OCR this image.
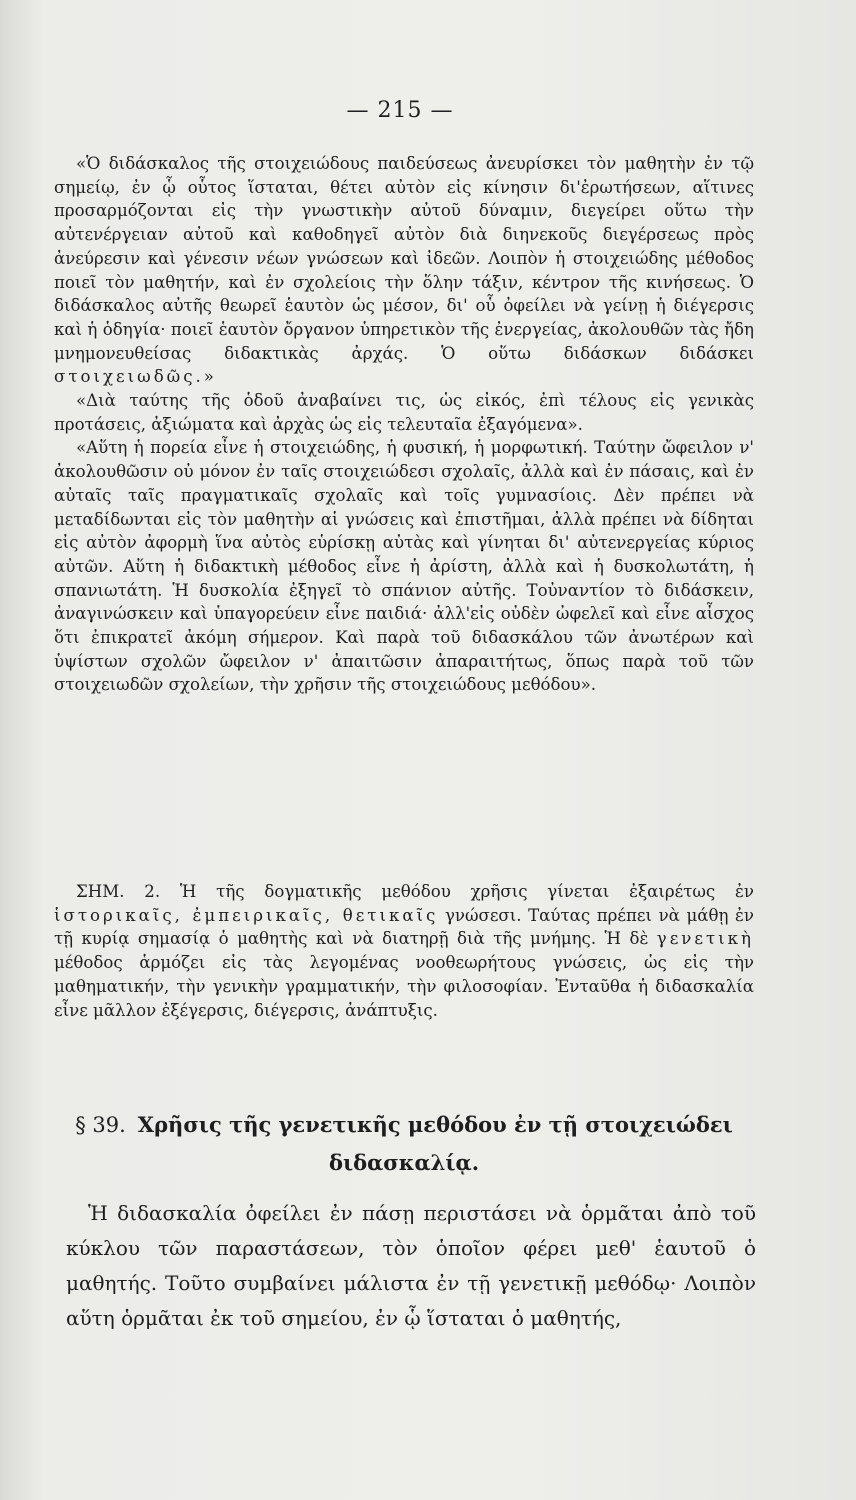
— 215 —

«Ὁ διδάσκαλος τῆς στοιχειώδους παιδεύσεως ἀνευρίσκει τὸν μαθητὴν ἐν τῷ σημείῳ, ἐν ᾧ οὗτος ἵσταται, θέτει αὐτὸν εἰς κίνησιν δι'ἐρωτήσεων, αἵτινες προσαρμόζονται εἰς τὴν γνωστικὴν αὐτοῦ δύναμιν, διεγείρει οὕτω τὴν αὐτενέργειαν αὐτοῦ καὶ καθοδηγεῖ αὐτὸν διὰ διηνεκοῦς διεγέρσεως πρὸς ἀνεύρεσιν καὶ γένεσιν νέων γνώσεων καὶ ἰδεῶν. Λοιπὸν ἡ στοιχειώδης μέθοδος ποιεῖ τὸν μαθητήν, καὶ ἐν σχολείοις τὴν ὅλην τάξιν, κέντρον τῆς κινήσεως. Ὁ διδάσκαλος αὐτῆς θεωρεῖ ἑαυτὸν ὡς μέσον, δι' οὗ ὀφείλει νὰ γείνῃ ἡ διέγερσις καὶ ἡ ὁδηγία· ποιεῖ ἑαυτὸν ὄργανον ὑπηρετικὸν τῆς ἐνεργείας, ἀκολουθῶν τὰς ἤδη μνημονευθείσας διδακτικὰς ἀρχάς. Ὁ οὕτω διδάσκων διδάσκει στοιχειωδῶς.»

«Διὰ ταύτης τῆς ὁδοῦ ἀναβαίνει τις, ὡς εἰκός, ἐπὶ τέλους εἰς γενικὰς προτάσεις, ἀξιώματα καὶ ἀρχὰς ὡς εἰς τελευταῖα ἐξαγόμενα».

«Αὕτη ἡ πορεία εἶνε ἡ στοιχειώδης, ἡ φυσική, ἡ μορφωτική. Ταύτην ὤφειλον ν' ἀκολουθῶσιν οὐ μόνον ἐν ταῖς στοιχειώδεσι σχολαῖς, ἀλλὰ καὶ ἐν πάσαις, καὶ ἐν αὐταῖς ταῖς πραγματικαῖς σχολαῖς καὶ τοῖς γυμνασίοις. Δὲν πρέπει νὰ μεταδίδωνται εἰς τὸν μαθητὴν αἱ γνώσεις καὶ ἐπιστῆμαι, ἀλλὰ πρέπει νὰ δίδηται εἰς αὐτὸν ἀφορμὴ ἵνα αὐτὸς εὑρίσκῃ αὐτὰς καὶ γίνηται δι' αὐτενεργείας κύριος αὐτῶν. Αὕτη ἡ διδακτικὴ μέθοδος εἶνε ἡ ἀρίστη, ἀλλὰ καὶ ἡ δυσκολωτάτη, ἡ σπανιωτάτη. Ἡ δυσκολία ἐξηγεῖ τὸ σπάνιον αὐτῆς. Τοὐναντίον τὸ διδάσκειν, ἀναγινώσκειν καὶ ὑπαγορεύειν εἶνε παιδιά· ἀλλ'εἰς οὐδὲν ὠφελεῖ καὶ εἶνε αἶσχος ὅτι ἐπικρατεῖ ἀκόμη σήμερον. Καὶ παρὰ τοῦ διδασκάλου τῶν ἀνωτέρων καὶ ὑψίστων σχολῶν ὤφειλον ν' ἀπαιτῶσιν ἀπαραιτήτως, ὅπως παρὰ τοῦ τῶν στοιχειωδῶν σχολείων, τὴν χρῆσιν τῆς στοιχειώδους μεθόδου».

ΣΗΜ. 2. Ἡ τῆς δογματικῆς μεθόδου χρῆσις γίνεται ἐξαιρέτως ἐν ἱστορικαῖς, ἐμπειρικαῖς, θετικαῖς γνώσεσι. Ταύτας πρέπει νὰ μάθῃ ἐν τῇ κυρίᾳ σημασίᾳ ὁ μαθητὴς καὶ νὰ διατηρῇ διὰ τῆς μνήμης. Ἡ δὲ γενετικὴ μέθοδος ἁρμόζει εἰς τὰς λεγομένας νοοθεωρήτους γνώσεις, ὡς εἰς τὴν μαθηματικήν, τὴν γενικὴν γραμματικήν, τὴν φιλοσοφίαν. Ἐνταῦθα ἡ διδασκαλία εἶνε μᾶλλον ἐξέγερσις, διέγερσις, ἀνάπτυξις.

§ 39. Χρῆσις τῆς γενετικῆς μεθόδου ἐν τῇ στοιχειώδει διδασκαλίᾳ.

Ἡ διδασκαλία ὀφείλει ἐν πάσῃ περιστάσει νὰ ὁρμᾶται ἀπὸ τοῦ κύκλου τῶν παραστάσεων, τὸν ὁποῖον φέρει μεθ' ἑαυτοῦ ὁ μαθητής. Τοῦτο συμβαίνει μάλιστα ἐν τῇ γενετικῇ μεθόδῳ· Λοιπὸν αὕτη ὁρμᾶται ἐκ τοῦ σημείου, ἐν ᾧ ἵσταται ὁ μαθητής,
